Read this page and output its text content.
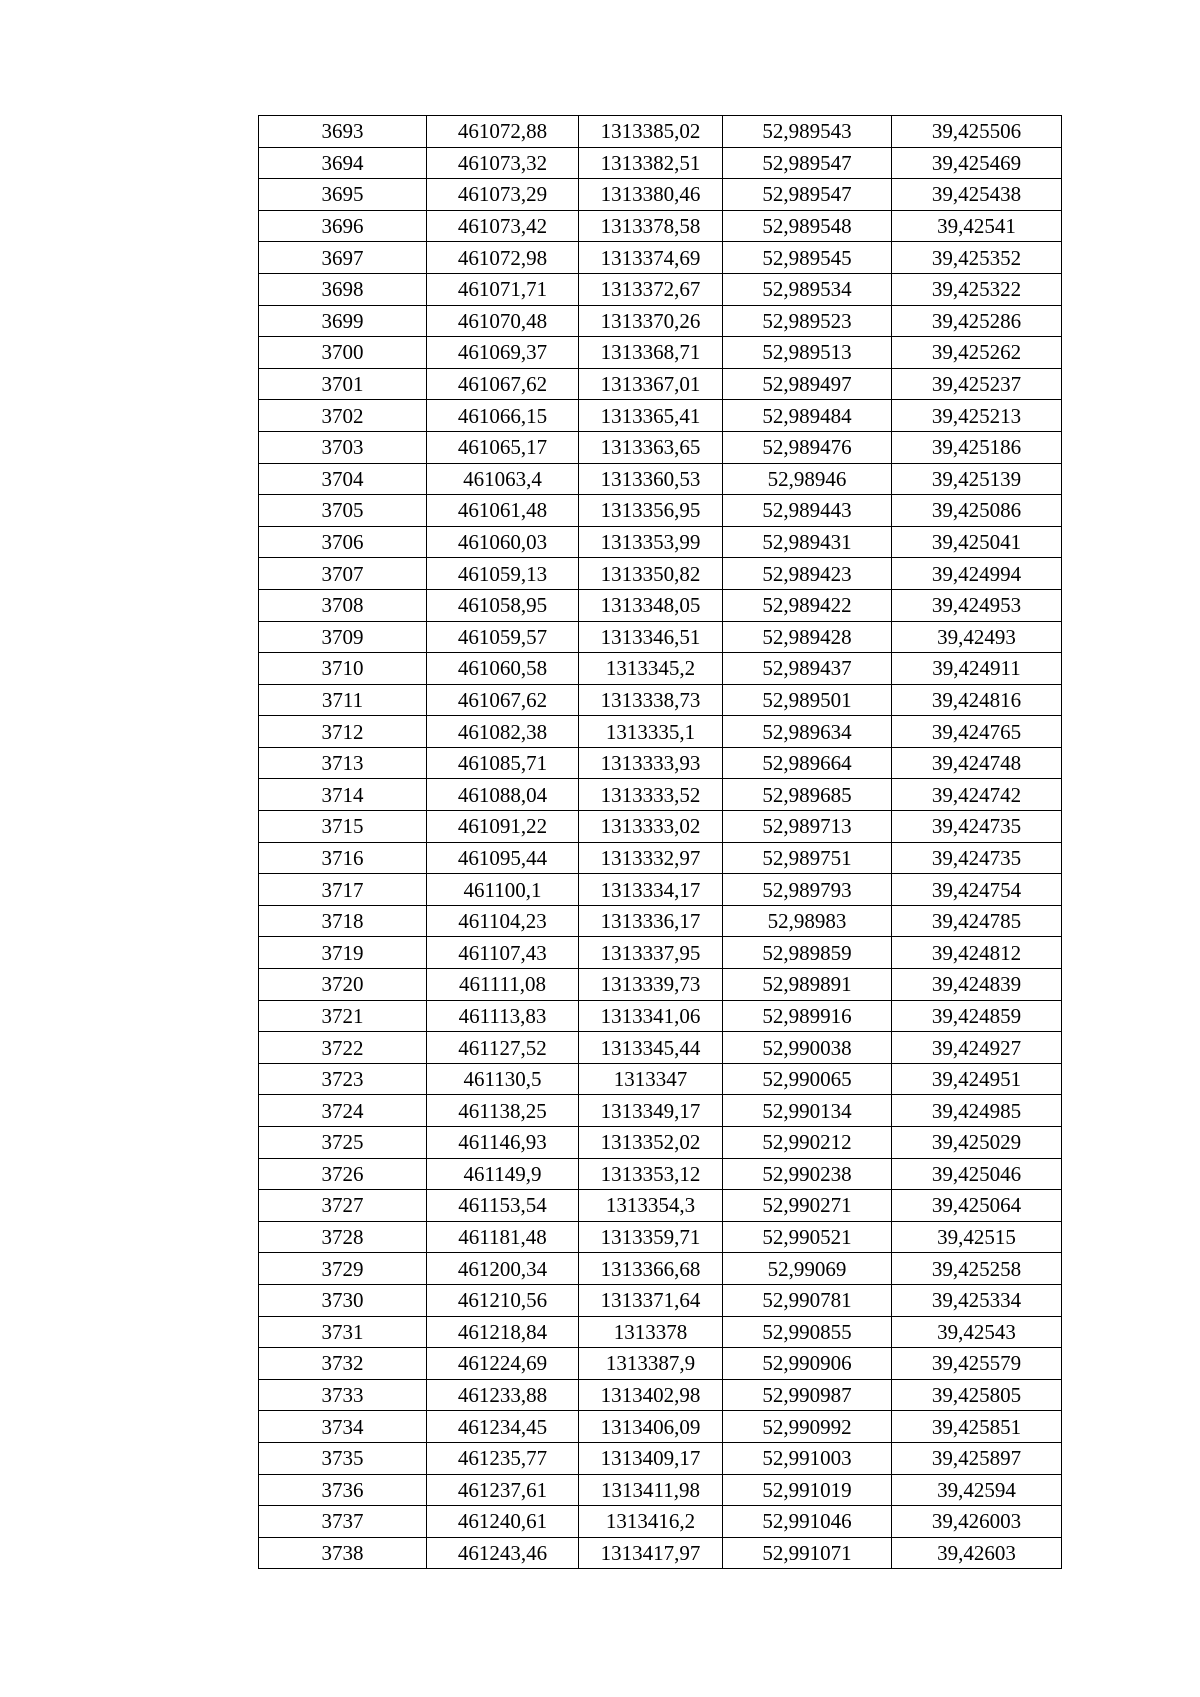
3693	461072,88	1313385,02	52,989543	39,425506
3694	461073,32	1313382,51	52,989547	39,425469
3695	461073,29	1313380,46	52,989547	39,425438
3696	461073,42	1313378,58	52,989548	39,42541
3697	461072,98	1313374,69	52,989545	39,425352
3698	461071,71	1313372,67	52,989534	39,425322
3699	461070,48	1313370,26	52,989523	39,425286
3700	461069,37	1313368,71	52,989513	39,425262
3701	461067,62	1313367,01	52,989497	39,425237
3702	461066,15	1313365,41	52,989484	39,425213
3703	461065,17	1313363,65	52,989476	39,425186
3704	461063,4	1313360,53	52,98946	39,425139
3705	461061,48	1313356,95	52,989443	39,425086
3706	461060,03	1313353,99	52,989431	39,425041
3707	461059,13	1313350,82	52,989423	39,424994
3708	461058,95	1313348,05	52,989422	39,424953
3709	461059,57	1313346,51	52,989428	39,42493
3710	461060,58	1313345,2	52,989437	39,424911
3711	461067,62	1313338,73	52,989501	39,424816
3712	461082,38	1313335,1	52,989634	39,424765
3713	461085,71	1313333,93	52,989664	39,424748
3714	461088,04	1313333,52	52,989685	39,424742
3715	461091,22	1313333,02	52,989713	39,424735
3716	461095,44	1313332,97	52,989751	39,424735
3717	461100,1	1313334,17	52,989793	39,424754
3718	461104,23	1313336,17	52,98983	39,424785
3719	461107,43	1313337,95	52,989859	39,424812
3720	461111,08	1313339,73	52,989891	39,424839
3721	461113,83	1313341,06	52,989916	39,424859
3722	461127,52	1313345,44	52,990038	39,424927
3723	461130,5	1313347	52,990065	39,424951
3724	461138,25	1313349,17	52,990134	39,424985
3725	461146,93	1313352,02	52,990212	39,425029
3726	461149,9	1313353,12	52,990238	39,425046
3727	461153,54	1313354,3	52,990271	39,425064
3728	461181,48	1313359,71	52,990521	39,42515
3729	461200,34	1313366,68	52,99069	39,425258
3730	461210,56	1313371,64	52,990781	39,425334
3731	461218,84	1313378	52,990855	39,42543
3732	461224,69	1313387,9	52,990906	39,425579
3733	461233,88	1313402,98	52,990987	39,425805
3734	461234,45	1313406,09	52,990992	39,425851
3735	461235,77	1313409,17	52,991003	39,425897
3736	461237,61	1313411,98	52,991019	39,42594
3737	461240,61	1313416,2	52,991046	39,426003
3738	461243,46	1313417,97	52,991071	39,42603
